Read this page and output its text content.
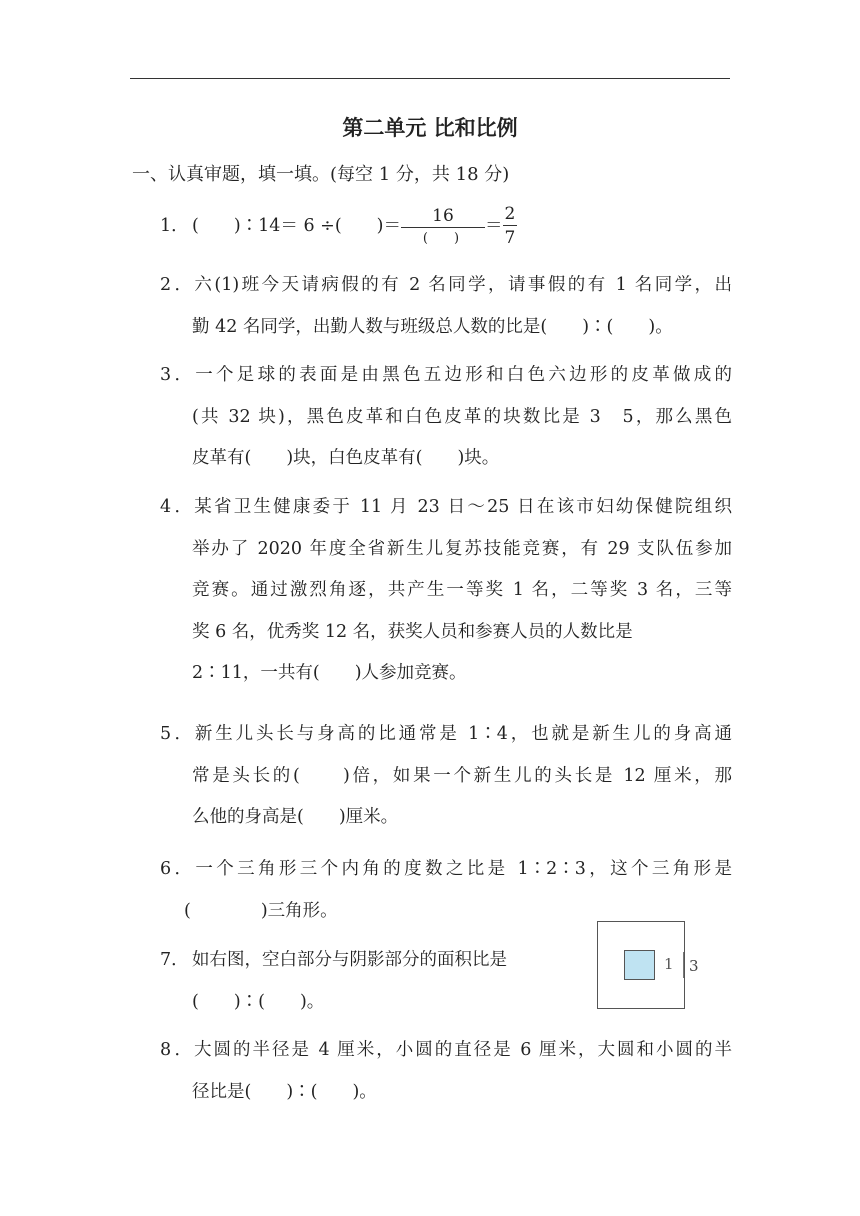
第二单元 比和比例
一、认真审题，填一填。(每空 1 分，共 18 分)
1． (　　)∶14＝ 6 ÷(　　)＝ $\frac{16}{( )} = \frac{2}{7}$
2．六(1)班今天请病假的有 2 名同学，请事假的有 1 名同学，出
勤 42 名同学，出勤人数与班级总人数的比是(　　)∶(　　)。
3．一个足球的表面是由黑色五边形和白色六边形的皮革做成的
(共 32 块)，黑色皮革和白色皮革的块数比是 3　5，那么黑色
皮革有(　　)块，白色皮革有(　　)块。
4．某省卫生健康委于 11 月 23 日～25 日在该市妇幼保健院组织
举办了 2020 年度全省新生儿复苏技能竞赛，有 29 支队伍参加
竞赛。通过激烈角逐，共产生一等奖 1 名，二等奖 3 名，三等
奖 6 名，优秀奖 12 名，获奖人员和参赛人员的人数比是
2∶11，一共有(　　)人参加竞赛。
5．新生儿头长与身高的比通常是 1∶4，也就是新生儿的身高通
常是头长的(　　)倍，如果一个新生儿的头长是 12 厘米，那
么他的身高是(　　)厘米。
6．一个三角形三个内角的度数之比是 1∶2∶3，这个三角形是
(　　　　)三角形。
7． 如右图，空白部分与阴影部分的面积比是
(　　)∶(　　)。
1 3
8．大圆的半径是 4 厘米，小圆的直径是 6 厘米，大圆和小圆的半
径比是(　　)∶(　　)。
